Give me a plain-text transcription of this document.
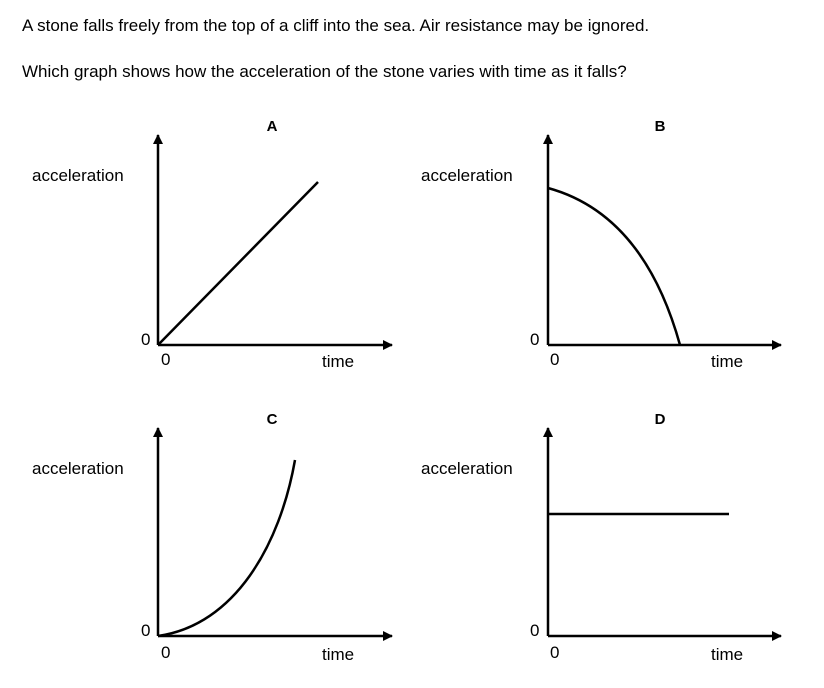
A stone falls freely from the top of a cliff into the sea. Air resistance may be ignored.
Which graph shows how the acceleration of the stone varies with time as it falls?
A
acceleration
0
0	time
B
acceleration
0
0	time
C
acceleration
0
0	time
D
acceleration
0
0	time
